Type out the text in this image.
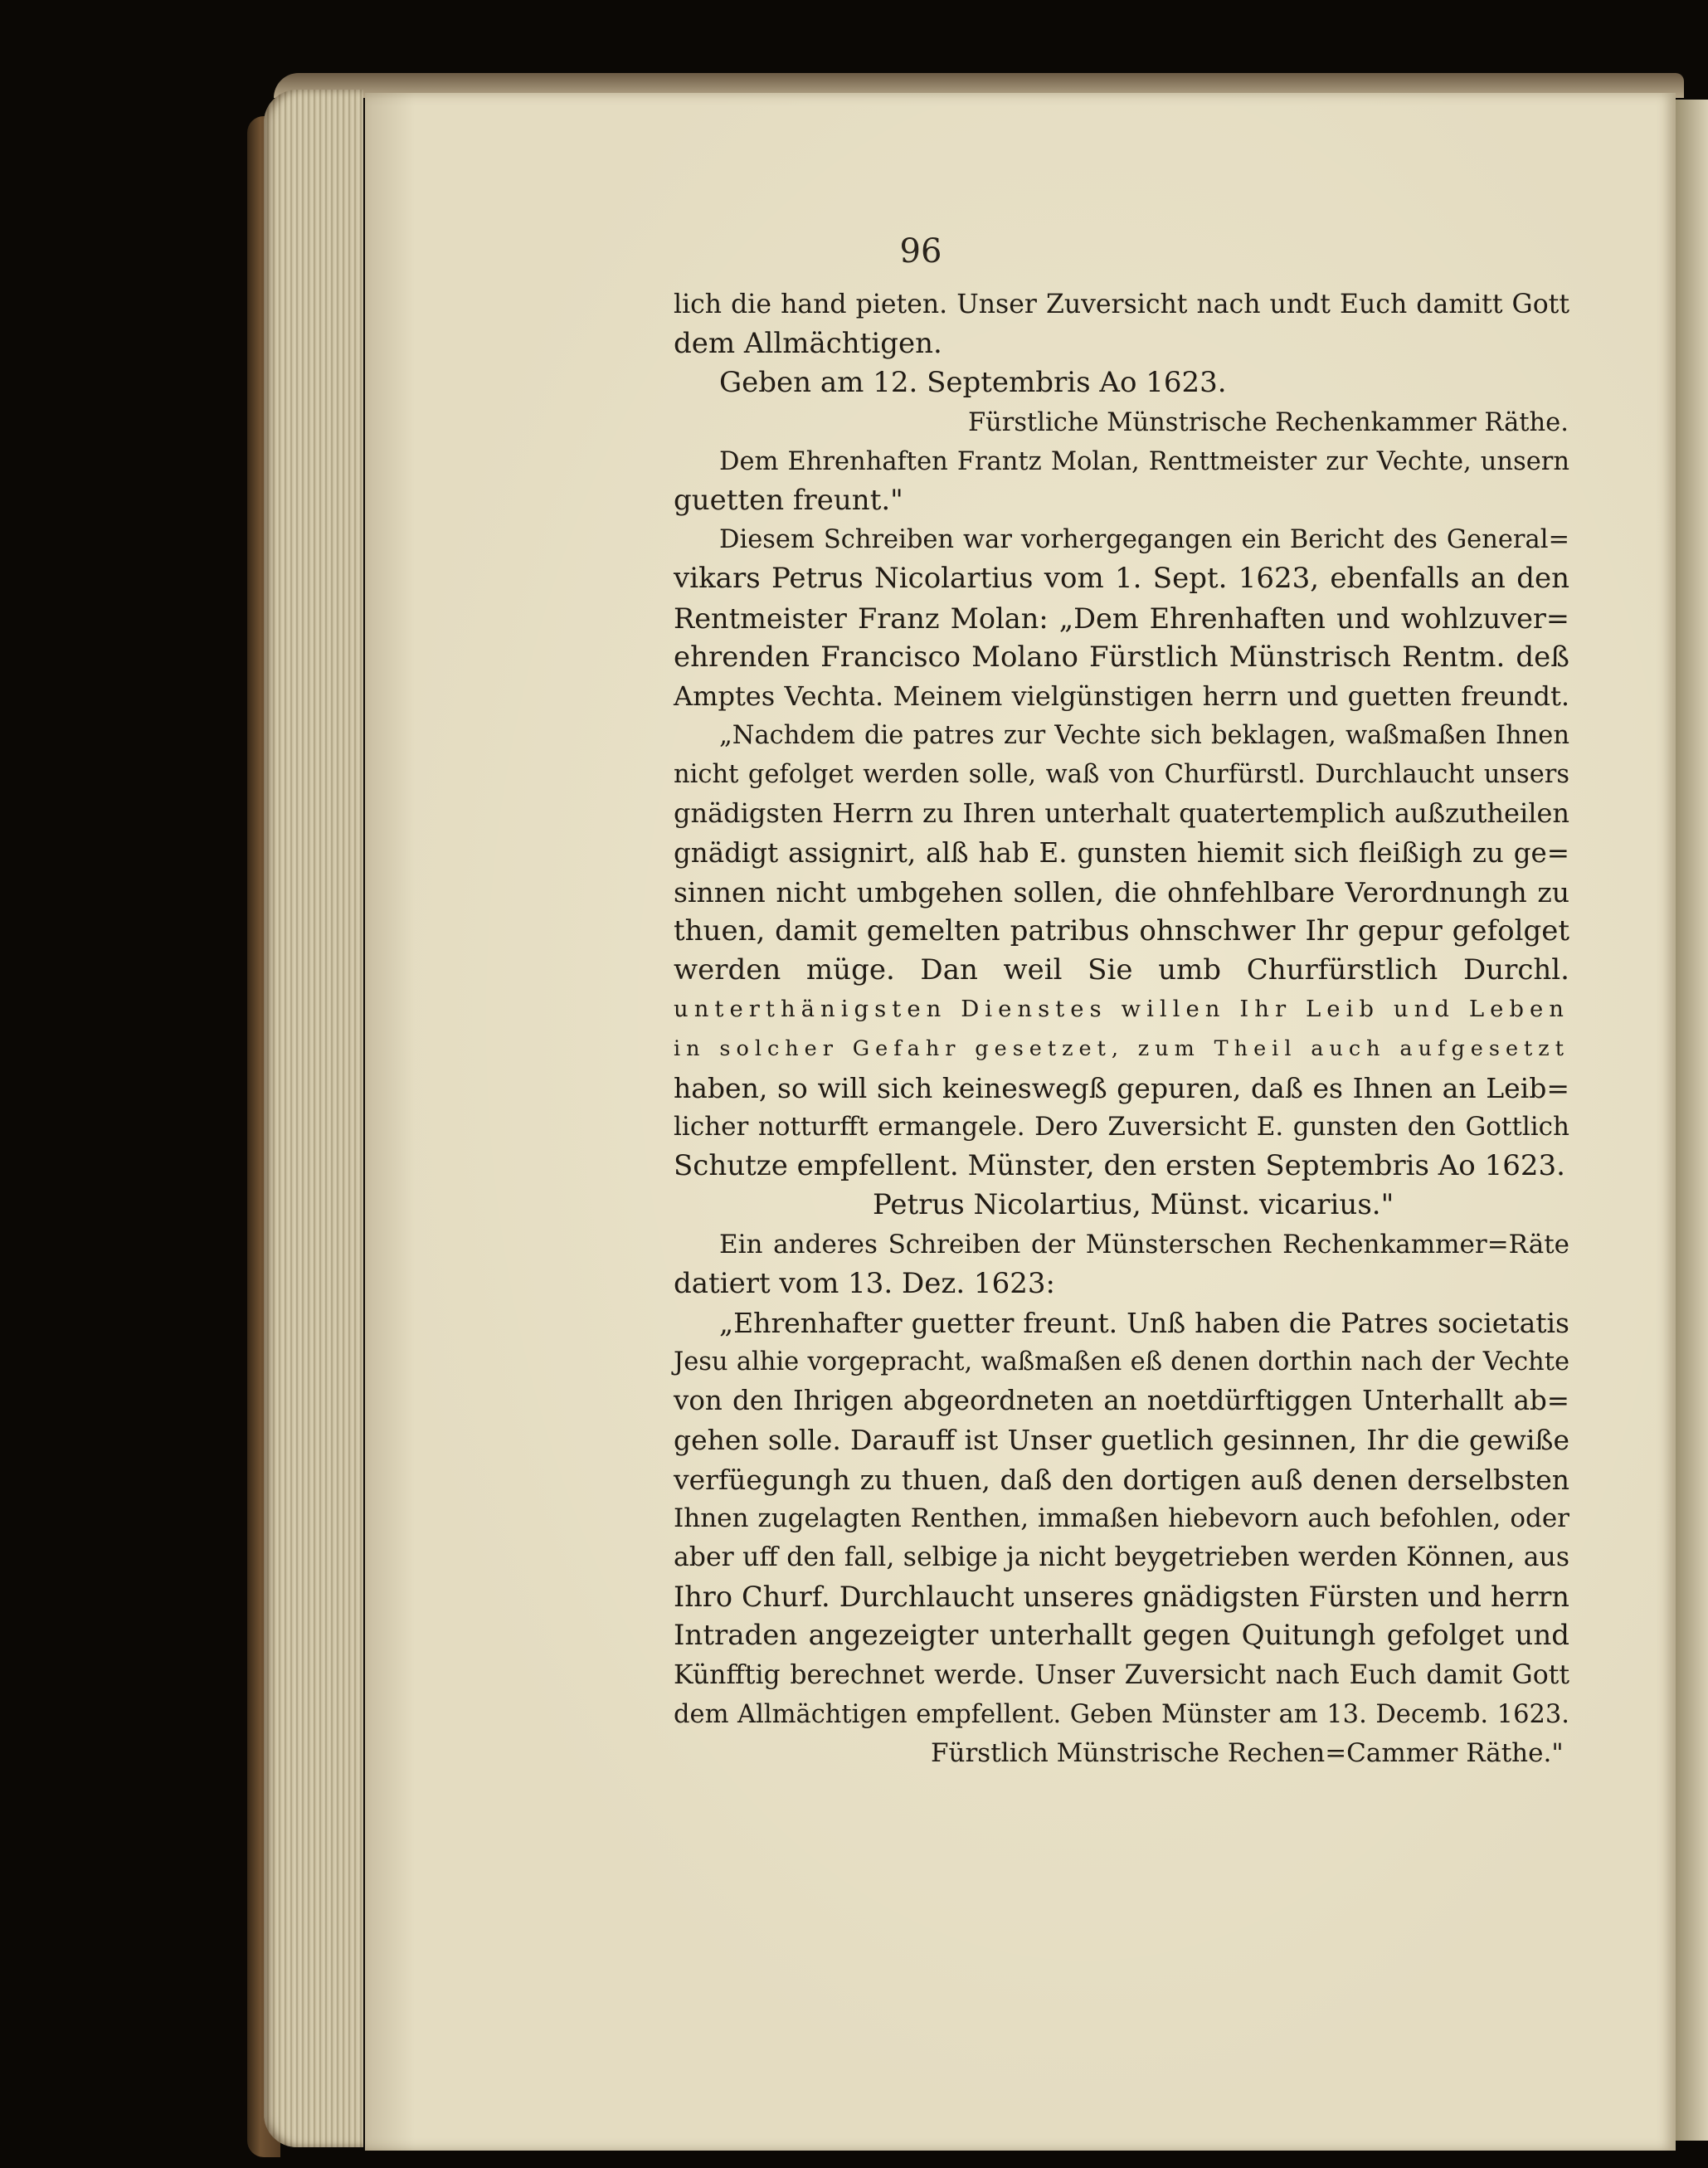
96
lich die hand pieten. Unser Zuversicht nach undt Euch damitt Gott
dem Allmächtigen.
Geben am 12. Septembris Ao 1623.
Fürstliche Münstrische Rechenkammer Räthe.
Dem Ehrenhaften Frantz Molan, Renttmeister zur Vechte, unsern
guetten freunt."
Diesem Schreiben war vorhergegangen ein Bericht des General=
vikars Petrus Nicolartius vom 1. Sept. 1623, ebenfalls an den
Rentmeister Franz Molan: „Dem Ehrenhaften und wohlzuver=
ehrenden Francisco Molano Fürstlich Münstrisch Rentm. deß
Amptes Vechta. Meinem vielgünstigen herrn und guetten freundt.
„Nachdem die patres zur Vechte sich beklagen, waßmaßen Ihnen
nicht gefolget werden solle, waß von Churfürstl. Durchlaucht unsers
gnädigsten Herrn zu Ihren unterhalt quatertemplich außzutheilen
gnädigt assignirt, alß hab E. gunsten hiemit sich fleißigh zu ge=
sinnen nicht umbgehen sollen, die ohnfehlbare Verordnungh zu
thuen, damit gemelten patribus ohnschwer Ihr gepur gefolget
werden müge. Dan weil Sie umb Churfürstlich Durchl.
unterthänigsten Dienstes willen Ihr Leib und Leben
in solcher Gefahr gesetzet, zum Theil auch aufgesetzt
haben, so will sich keineswegß gepuren, daß es Ihnen an Leib=
licher notturfft ermangele. Dero Zuversicht E. gunsten den Gottlich
Schutze empfellent. Münster, den ersten Septembris Ao 1623.
Petrus Nicolartius, Münst. vicarius."
Ein anderes Schreiben der Münsterschen Rechenkammer=Räte
datiert vom 13. Dez. 1623:
„Ehrenhafter guetter freunt. Unß haben die Patres societatis
Jesu alhie vorgepracht, waßmaßen eß denen dorthin nach der Vechte
von den Ihrigen abgeordneten an noetdürftiggen Unterhallt ab=
gehen solle. Darauff ist Unser guetlich gesinnen, Ihr die gewiße
verfüegungh zu thuen, daß den dortigen auß denen derselbsten
Ihnen zugelagten Renthen, immaßen hiebevorn auch befohlen, oder
aber uff den fall, selbige ja nicht beygetrieben werden Können, aus
Ihro Churf. Durchlaucht unseres gnädigsten Fürsten und herrn
Intraden angezeigter unterhallt gegen Quitungh gefolget und
Künfftig berechnet werde. Unser Zuversicht nach Euch damit Gott
dem Allmächtigen empfellent. Geben Münster am 13. Decemb. 1623.
Fürstlich Münstrische Rechen=Cammer Räthe."
